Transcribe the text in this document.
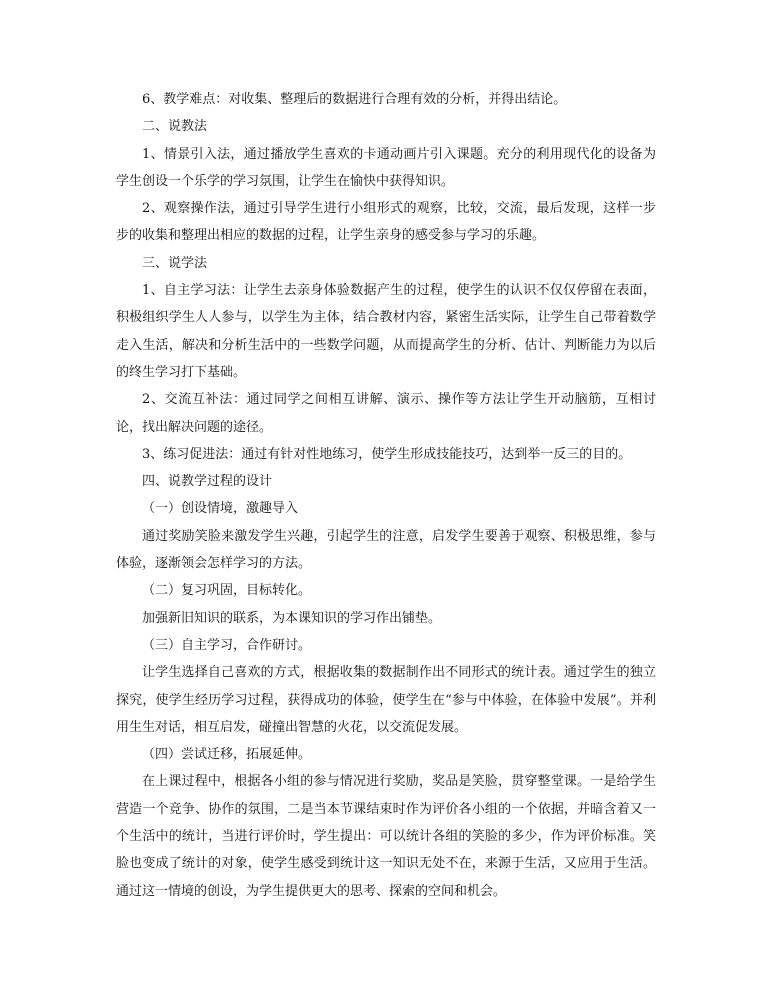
6、教学难点：对收集、整理后的数据进行合理有效的分析，并得出结论。

二、说教法

1、情景引入法，通过播放学生喜欢的卡通动画片引入课题。充分的利用现代化的设备为学生创设一个乐学的学习氛围，让学生在愉快中获得知识。

2、观察操作法，通过引导学生进行小组形式的观察，比较，交流，最后发现，这样一步步的收集和整理出相应的数据的过程，让学生亲身的感受参与学习的乐趣。

三、说学法

1、自主学习法：让学生去亲身体验数据产生的过程，使学生的认识不仅仅停留在表面，积极组织学生人人参与，以学生为主体，结合教材内容，紧密生活实际，让学生自己带着数学走入生活，解决和分析生活中的一些数学问题，从而提高学生的分析、估计、判断能力为以后的终生学习打下基础。

2、交流互补法：通过同学之间相互讲解、演示、操作等方法让学生开动脑筋，互相讨论，找出解决问题的途径。

3、练习促进法：通过有针对性地练习，使学生形成技能技巧，达到举一反三的目的。

四、说教学过程的设计

（一）创设情境，激趣导入

通过奖励笑脸来激发学生兴趣，引起学生的注意，启发学生要善于观察、积极思维，参与体验，逐渐领会怎样学习的方法。

（二）复习巩固，目标转化。

加强新旧知识的联系，为本课知识的学习作出铺垫。

（三）自主学习，合作研讨。

让学生选择自己喜欢的方式，根据收集的数据制作出不同形式的统计表。通过学生的独立探究，使学生经历学习过程，获得成功的体验，使学生在“参与中体验，在体验中发展”。并利用生生对话，相互启发，碰撞出智慧的火花，以交流促发展。

（四）尝试迁移，拓展延伸。

在上课过程中，根据各小组的参与情况进行奖励，奖品是笑脸，贯穿整堂课。一是给学生营造一个竞争、协作的氛围，二是当本节课结束时作为评价各小组的一个依据，并暗含着又一个生活中的统计，当进行评价时，学生提出：可以统计各组的笑脸的多少，作为评价标准。笑脸也变成了统计的对象，使学生感受到统计这一知识无处不在，来源于生活，又应用于生活。通过这一情境的创设，为学生提供更大的思考、探索的空间和机会。
